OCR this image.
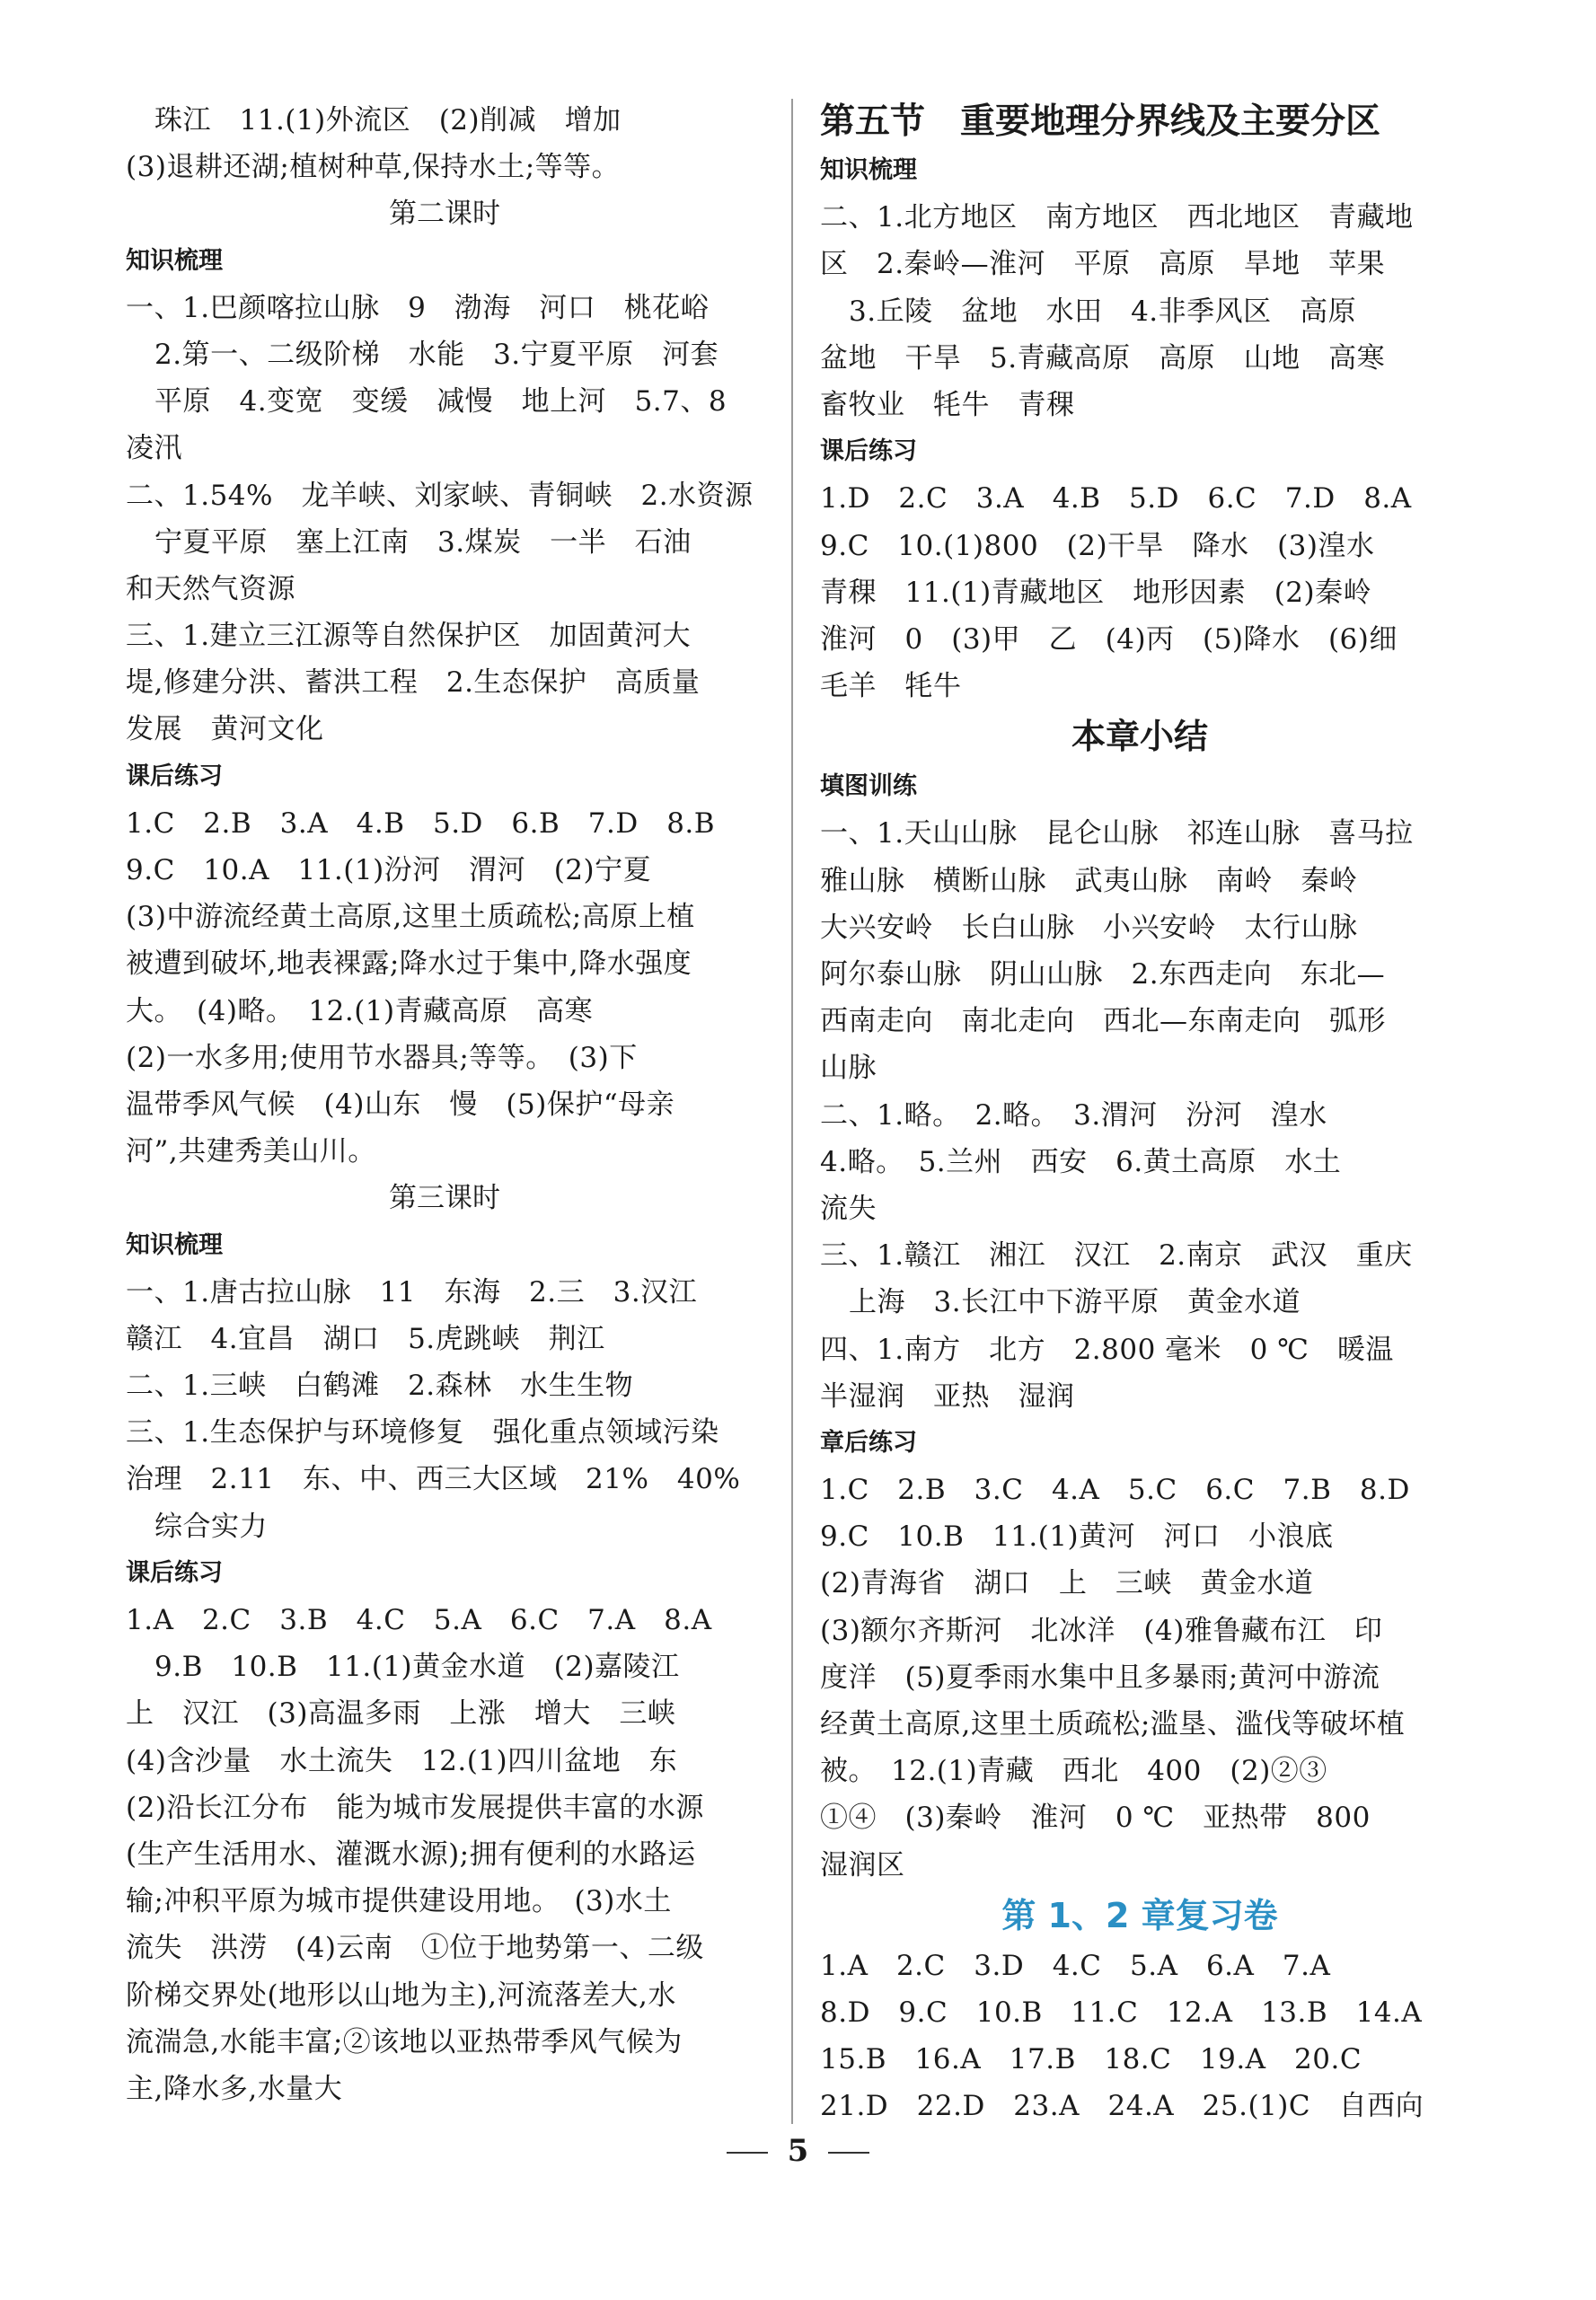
珠江　11.(1)外流区　(2)削减　增加
(3)退耕还湖;植树种草,保持水土;等等。
第二课时
知识梳理
一、1.巴颜喀拉山脉　9　渤海　河口　桃花峪
2.第一、二级阶梯　水能　3.宁夏平原　河套
平原　4.变宽　变缓　减慢　地上河　5.7、8
凌汛
二、1.54%　龙羊峡、刘家峡、青铜峡　2.水资源
宁夏平原　塞上江南　3.煤炭　一半　石油
和天然气资源
三、1.建立三江源等自然保护区　加固黄河大
堤,修建分洪、蓄洪工程　2.生态保护　高质量
发展　黄河文化
课后练习
1.C　2.B　3.A　4.B　5.D　6.B　7.D　8.B
9.C　10.A　11.(1)汾河　渭河　(2)宁夏
(3)中游流经黄土高原,这里土质疏松;高原上植
被遭到破坏,地表裸露;降水过于集中,降水强度
大。　(4)略。　12.(1)青藏高原　高寒
(2)一水多用;使用节水器具;等等。　(3)下
温带季风气候　(4)山东　慢　(5)保护“母亲
河”,共建秀美山川。
第三课时
知识梳理
一、1.唐古拉山脉　11　东海　2.三　3.汉江
赣江　4.宜昌　湖口　5.虎跳峡　荆江
二、1.三峡　白鹤滩　2.森林　水生生物
三、1.生态保护与环境修复　强化重点领域污染
治理　2.11　东、中、西三大区域　21%　40%
综合实力
课后练习
1.A　2.C　3.B　4.C　5.A　6.C　7.A　8.A
9.B　10.B　11.(1)黄金水道　(2)嘉陵江
上　汉江　(3)高温多雨　上涨　增大　三峡
(4)含沙量　水土流失　12.(1)四川盆地　东
(2)沿长江分布　能为城市发展提供丰富的水源
(生产生活用水、灌溉水源);拥有便利的水路运
输;冲积平原为城市提供建设用地。　(3)水土
流失　洪涝　(4)云南　①位于地势第一、二级
阶梯交界处(地形以山地为主),河流落差大,水
流湍急,水能丰富;②该地以亚热带季风气候为
主,降水多,水量大
第五节　重要地理分界线及主要分区
知识梳理
二、1.北方地区　南方地区　西北地区　青藏地
区　2.秦岭—淮河　平原　高原　旱地　苹果
3.丘陵　盆地　水田　4.非季风区　高原
盆地　干旱　5.青藏高原　高原　山地　高寒
畜牧业　牦牛　青稞
课后练习
1.D　2.C　3.A　4.B　5.D　6.C　7.D　8.A
9.C　10.(1)800　(2)干旱　降水　(3)湟水
青稞　11.(1)青藏地区　地形因素　(2)秦岭
淮河　0　(3)甲　乙　(4)丙　(5)降水　(6)细
毛羊　牦牛
本章小结
填图训练
一、1.天山山脉　昆仑山脉　祁连山脉　喜马拉
雅山脉　横断山脉　武夷山脉　南岭　秦岭
大兴安岭　长白山脉　小兴安岭　太行山脉
阿尔泰山脉　阴山山脉　2.东西走向　东北—
西南走向　南北走向　西北—东南走向　弧形
山脉
二、1.略。　2.略。　3.渭河　汾河　湟水
4.略。　5.兰州　西安　6.黄土高原　水土
流失
三、1.赣江　湘江　汉江　2.南京　武汉　重庆
上海　3.长江中下游平原　黄金水道
四、1.南方　北方　2.800 毫米　0 ℃　暖温
半湿润　亚热　湿润
章后练习
1.C　2.B　3.C　4.A　5.C　6.C　7.B　8.D
9.C　10.B　11.(1)黄河　河口　小浪底
(2)青海省　湖口　上　三峡　黄金水道
(3)额尔齐斯河　北冰洋　(4)雅鲁藏布江　印
度洋　(5)夏季雨水集中且多暴雨;黄河中游流
经黄土高原,这里土质疏松;滥垦、滥伐等破坏植
被。　12.(1)青藏　西北　400　(2)②③
①④　(3)秦岭　淮河　0 ℃　亚热带　800
湿润区
第 1、2 章复习卷
1.A　2.C　3.D　4.C　5.A　6.A　7.A
8.D　9.C　10.B　11.C　12.A　13.B　14.A
15.B　16.A　17.B　18.C　19.A　20.C
21.D　22.D　23.A　24.A　25.(1)C　自西向
5
